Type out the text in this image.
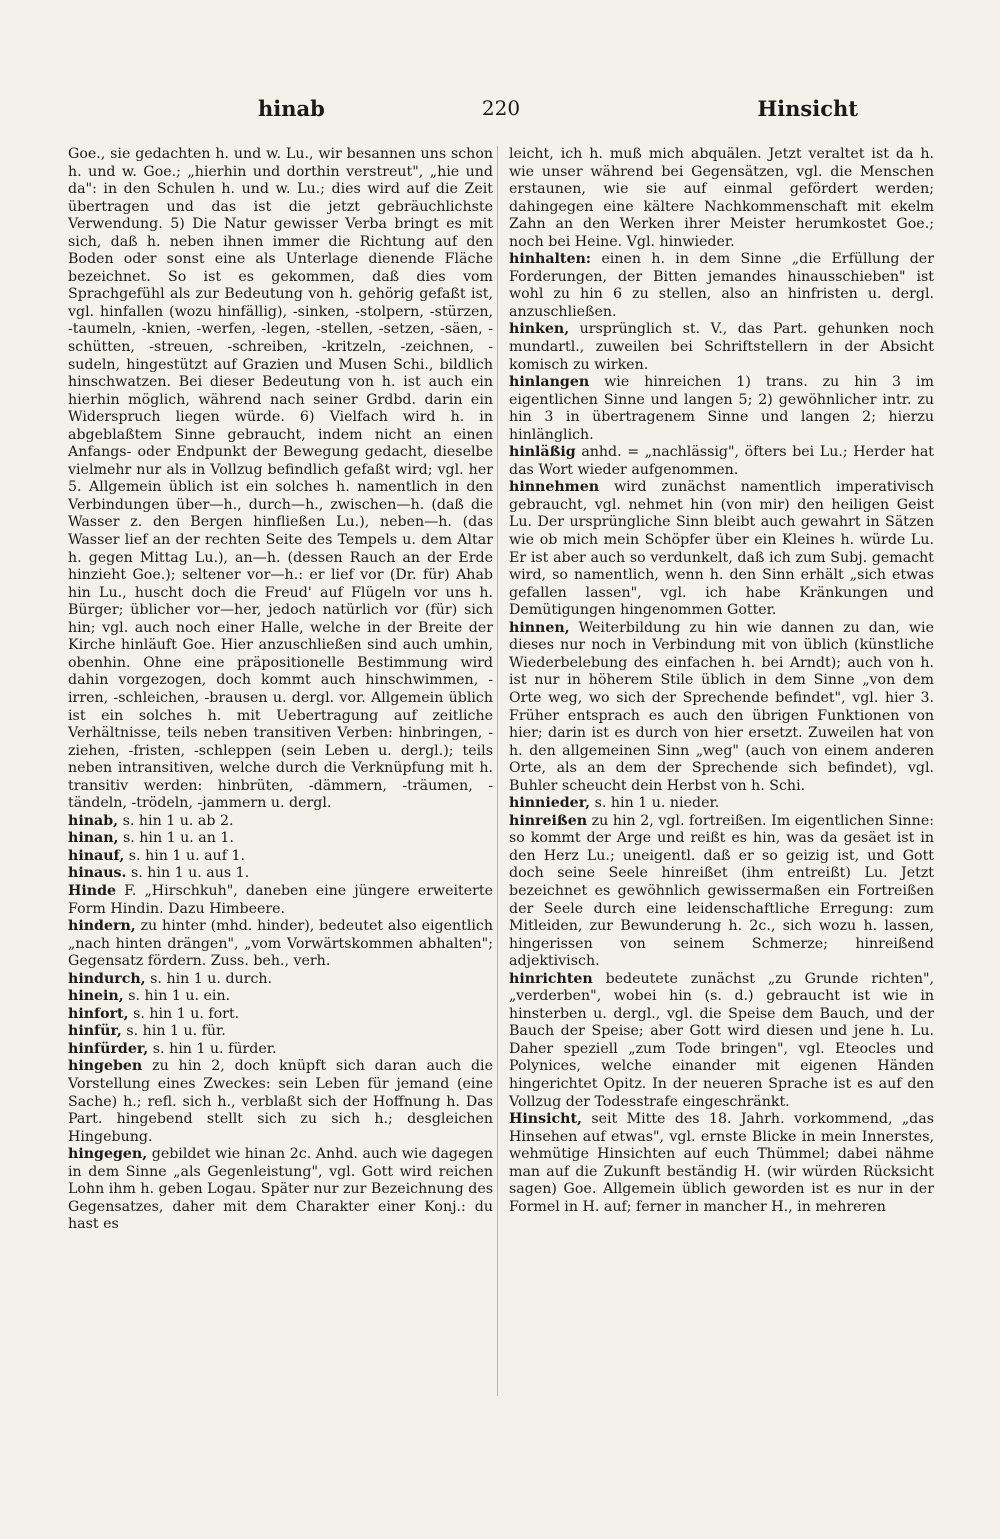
hinab	220	Hinsicht

Goe., sie gedachten h. und w. Lu., wir besannen uns schon h. und w. Goe.; „hierhin und dorthin verstreut", „hie und da": in den Schulen h. und w. Lu.; dies wird auf die Zeit übertragen und das ist die jetzt gebräuchlichste Verwendung. 5) Die Natur gewisser Verba bringt es mit sich, daß h. neben ihnen immer die Richtung auf den Boden oder sonst eine als Unterlage dienende Fläche bezeichnet. So ist es gekommen, daß dies vom Sprachgefühl als zur Bedeutung von h. gehörig gefaßt ist, vgl. hinfallen (wozu hinfällig), -sinken, -stolpern, -stürzen, -taumeln, -knien, -werfen, -legen, -stellen, -setzen, -säen, -schütten, -streuen, -schreiben, -kritzeln, -zeichnen, -sudeln, hingestützt auf Grazien und Musen Schi., bildlich hinschwatzen. Bei dieser Bedeutung von h. ist auch ein hierhin möglich, während nach seiner Grdbd. darin ein Widerspruch liegen würde. 6) Vielfach wird h. in abgeblaßtem Sinne gebraucht, indem nicht an einen Anfangs- oder Endpunkt der Bewegung gedacht, dieselbe vielmehr nur als in Vollzug befindlich gefaßt wird; vgl. her 5. Allgemein üblich ist ein solches h. namentlich in den Verbindungen über—h., durch—h., zwischen—h. (daß die Wasser z. den Bergen hinfließen Lu.), neben—h. (das Wasser lief an der rechten Seite des Tempels u. dem Altar h. gegen Mittag Lu.), an—h. (dessen Rauch an der Erde hinzieht Goe.); seltener vor—h.: er lief vor (Dr. für) Ahab hin Lu., huscht doch die Freud' auf Flügeln vor uns h. Bürger; üblicher vor—her, jedoch natürlich vor (für) sich hin; vgl. auch noch einer Halle, welche in der Breite der Kirche hinläuft Goe. Hier anzuschließen sind auch umhin, obenhin. Ohne eine präpositionelle Bestimmung wird dahin vorgezogen, doch kommt auch hinschwimmen, -irren, -schleichen, -brausen u. dergl. vor. Allgemein üblich ist ein solches h. mit Uebertragung auf zeitliche Verhältnisse, teils neben transitiven Verben: hinbringen, -ziehen, -fristen, -schleppen (sein Leben u. dergl.); teils neben intransitiven, welche durch die Verknüpfung mit h. transitiv werden: hinbrüten, -dämmern, -träumen, -tändeln, -trödeln, -jammern u. dergl.

hinab, s. hin 1 u. ab 2.

hinan, s. hin 1 u. an 1.

hinauf, s. hin 1 u. auf 1.

hinaus. s. hin 1 u. aus 1.

Hinde F. „Hirschkuh", daneben eine jüngere erweiterte Form Hindin. Dazu Himbeere.

hindern, zu hinter (mhd. hinder), bedeutet also eigentlich „nach hinten drängen", „vom Vorwärtskommen abhalten"; Gegensatz fördern. Zuss. beh., verh.

hindurch, s. hin 1 u. durch.

hinein, s. hin 1 u. ein.

hinfort, s. hin 1 u. fort.

hinfür, s. hin 1 u. für.

hinfürder, s. hin 1 u. fürder.

hingeben zu hin 2, doch knüpft sich daran auch die Vorstellung eines Zweckes: sein Leben für jemand (eine Sache) h.; refl. sich h., verblaßt sich der Hoffnung h. Das Part. hingebend stellt sich zu sich h.; desgleichen Hingebung.

hingegen, gebildet wie hinan 2c. Anhd. auch wie dagegen in dem Sinne „als Gegenleistung", vgl. Gott wird reichen Lohn ihm h. geben Logau. Später nur zur Bezeichnung des Gegensatzes, daher mit dem Charakter einer Konj.: du hast es

leicht, ich h. muß mich abquälen. Jetzt veraltet ist da h. wie unser während bei Gegensätzen, vgl. die Menschen erstaunen, wie sie auf einmal gefördert werden; dahingegen eine kältere Nachkommenschaft mit ekelm Zahn an den Werken ihrer Meister herumkostet Goe.; noch bei Heine. Vgl. hinwieder.

hinhalten: einen h. in dem Sinne „die Erfüllung der Forderungen, der Bitten jemandes hinausschieben" ist wohl zu hin 6 zu stellen, also an hinfristen u. dergl. anzuschließen.

hinken, ursprünglich st. V., das Part. gehunken noch mundartl., zuweilen bei Schriftstellern in der Absicht komisch zu wirken.

hinlangen wie hinreichen 1) trans. zu hin 3 im eigentlichen Sinne und langen 5; 2) gewöhnlicher intr. zu hin 3 in übertragenem Sinne und langen 2; hierzu hinlänglich.

hinläßig anhd. = „nachlässig", öfters bei Lu.; Herder hat das Wort wieder aufgenommen.

hinnehmen wird zunächst namentlich imperativisch gebraucht, vgl. nehmet hin (von mir) den heiligen Geist Lu. Der ursprüngliche Sinn bleibt auch gewahrt in Sätzen wie ob mich mein Schöpfer über ein Kleines h. würde Lu. Er ist aber auch so verdunkelt, daß ich zum Subj. gemacht wird, so namentlich, wenn h. den Sinn erhält „sich etwas gefallen lassen", vgl. ich habe Kränkungen und Demütigungen hingenommen Gotter.

hinnen, Weiterbildung zu hin wie dannen zu dan, wie dieses nur noch in Verbindung mit von üblich (künstliche Wiederbelebung des einfachen h. bei Arndt); auch von h. ist nur in höherem Stile üblich in dem Sinne „von dem Orte weg, wo sich der Sprechende befindet", vgl. hier 3. Früher entsprach es auch den übrigen Funktionen von hier; darin ist es durch von hier ersetzt. Zuweilen hat von h. den allgemeinen Sinn „weg" (auch von einem anderen Orte, als an dem der Sprechende sich befindet), vgl. Buhler scheucht dein Herbst von h. Schi.

hinnieder, s. hin 1 u. nieder.

hinreißen zu hin 2, vgl. fortreißen. Im eigentlichen Sinne: so kommt der Arge und reißt es hin, was da gesäet ist in den Herz Lu.; uneigentl. daß er so geizig ist, und Gott doch seine Seele hinreißet (ihm entreißt) Lu. Jetzt bezeichnet es gewöhnlich gewissermaßen ein Fortreißen der Seele durch eine leidenschaftliche Erregung: zum Mitleiden, zur Bewunderung h. 2c., sich wozu h. lassen, hingerissen von seinem Schmerze; hinreißend adjektivisch.

hinrichten bedeutete zunächst „zu Grunde richten", „verderben", wobei hin (s. d.) gebraucht ist wie in hinsterben u. dergl., vgl. die Speise dem Bauch, und der Bauch der Speise; aber Gott wird diesen und jene h. Lu. Daher speziell „zum Tode bringen", vgl. Eteocles und Polynices, welche einander mit eigenen Händen hingerichtet Opitz. In der neueren Sprache ist es auf den Vollzug der Todesstrafe eingeschränkt.

Hinsicht, seit Mitte des 18. Jahrh. vorkommend, „das Hinsehen auf etwas", vgl. ernste Blicke in mein Innerstes, wehmütige Hinsichten auf euch Thümmel; dabei nähme man auf die Zukunft beständig H. (wir würden Rücksicht sagen) Goe. Allgemein üblich geworden ist es nur in der Formel in H. auf; ferner in mancher H., in mehreren
